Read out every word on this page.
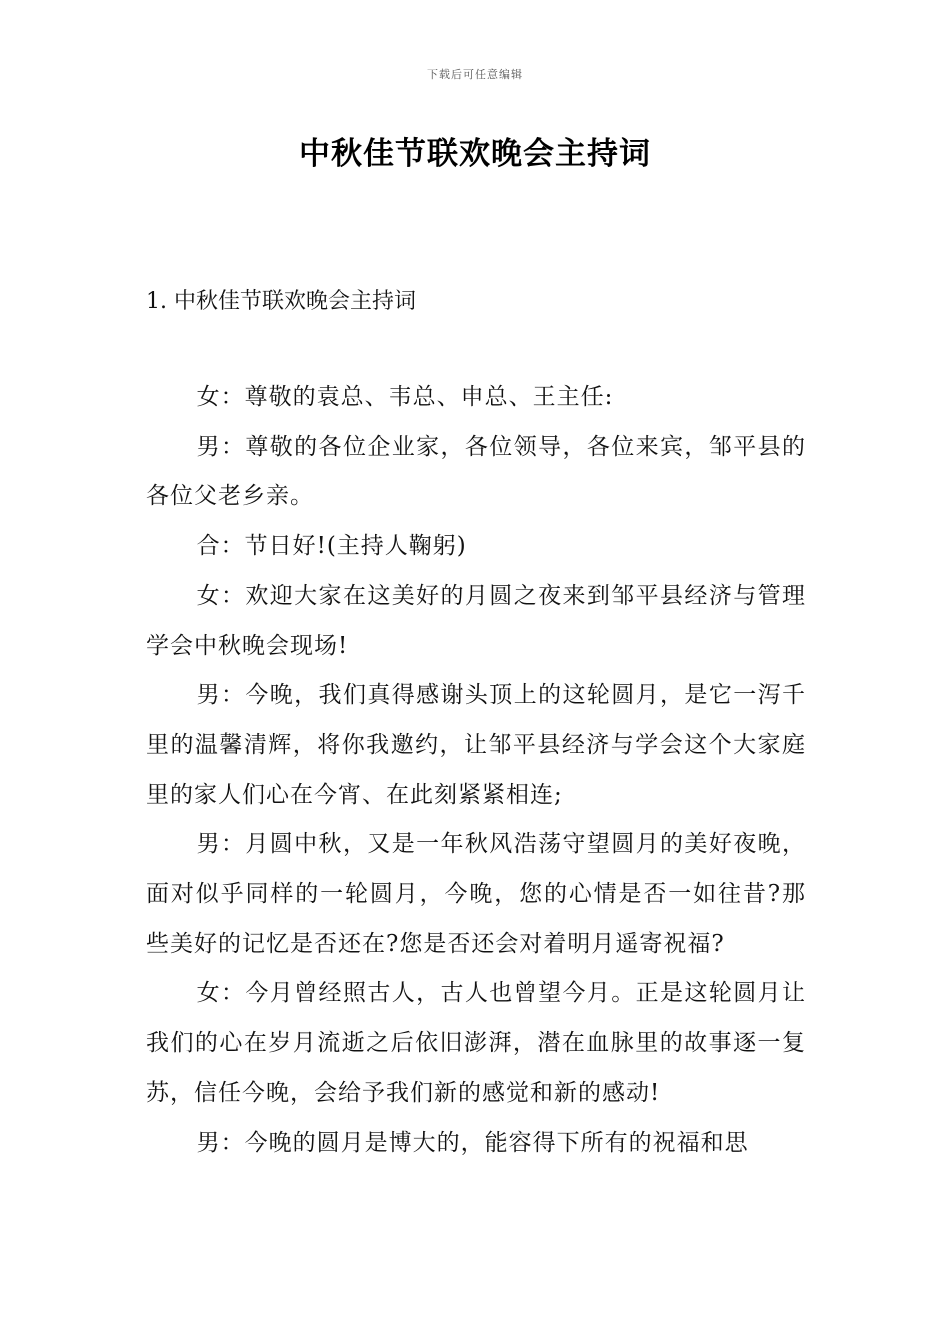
下载后可任意编辑
中秋佳节联欢晚会主持词
1. 中秋佳节联欢晚会主持词

女：尊敬的袁总、韦总、申总、王主任:

男：尊敬的各位企业家，各位领导，各位来宾，邹平县的各位父老乡亲。

合：节日好!(主持人鞠躬)

女：欢迎大家在这美好的月圆之夜来到邹平县经济与管理学会中秋晚会现场!

男：今晚，我们真得感谢头顶上的这轮圆月，是它一泻千里的温馨清辉，将你我邀约，让邹平县经济与学会这个大家庭里的家人们心在今宵、在此刻紧紧相连;

男：月圆中秋，又是一年秋风浩荡守望圆月的美好夜晚，面对似乎同样的一轮圆月，今晚，您的心情是否一如往昔?那些美好的记忆是否还在?您是否还会对着明月遥寄祝福?

女：今月曾经照古人，古人也曾望今月。正是这轮圆月让我们的心在岁月流逝之后依旧澎湃，潜在血脉里的故事逐一复苏，信任今晚，会给予我们新的感觉和新的感动!

男：今晚的圆月是博大的，能容得下所有的祝福和思
